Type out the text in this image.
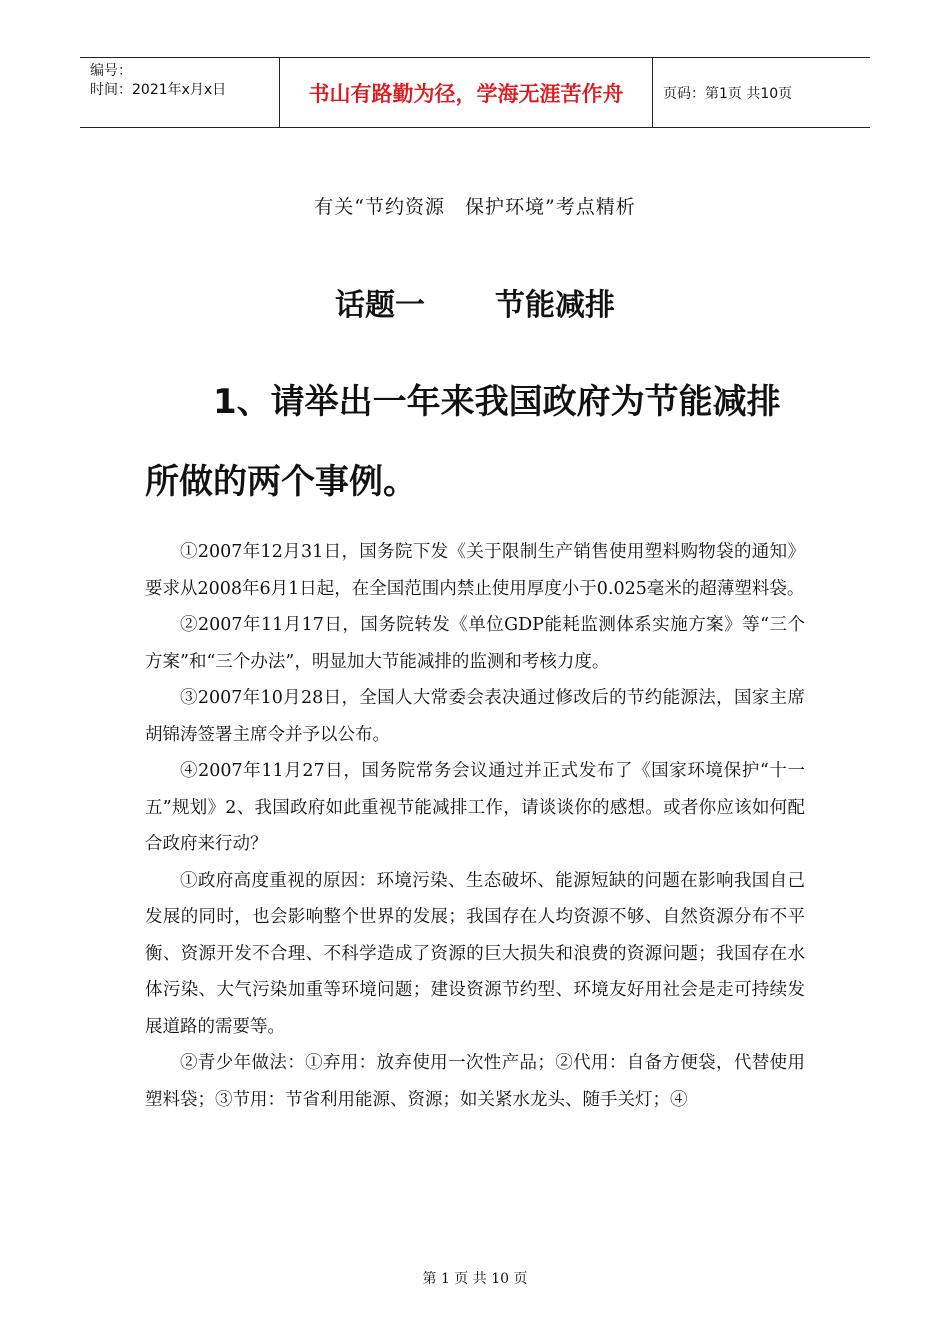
编号：
时间：2021年x月x日	书山有路勤为径，学海无涯苦作舟	页码：第1页 共10页
有关“节约资源　保护环境”考点精析
话题一 节能减排

1、请举出一年来我国政府为节能减排所做的两个事例。

①2007年12月31日，国务院下发《关于限制生产销售使用塑料购物袋的通知》要求从2008年6月1日起，在全国范围内禁止使用厚度小于0.025毫米的超薄塑料袋。

②2007年11月17日，国务院转发《单位GDP能耗监测体系实施方案》等“三个方案”和“三个办法”，明显加大节能减排的监测和考核力度。

③2007年10月28日，全国人大常委会表决通过修改后的节约能源法，国家主席胡锦涛签署主席令并予以公布。

④2007年11月27日，国务院常务会议通过并正式发布了《国家环境保护“十一五”规划》2、我国政府如此重视节能减排工作，请谈谈你的感想。或者你应该如何配合政府来行动？

①政府高度重视的原因：环境污染、生态破坏、能源短缺的问题在影响我国自己发展的同时，也会影响整个世界的发展；我国存在人均资源不够、自然资源分布不平衡、资源开发不合理、不科学造成了资源的巨大损失和浪费的资源问题；我国存在水体污染、大气污染加重等环境问题；建设资源节约型、环境友好用社会是走可持续发展道路的需要等。

②青少年做法：①弃用：放弃使用一次性产品；②代用：自备方便袋，代替使用塑料袋；③节用：节省利用能源、资源；如关紧水龙头、随手关灯；④

第 1 页 共 10 页
